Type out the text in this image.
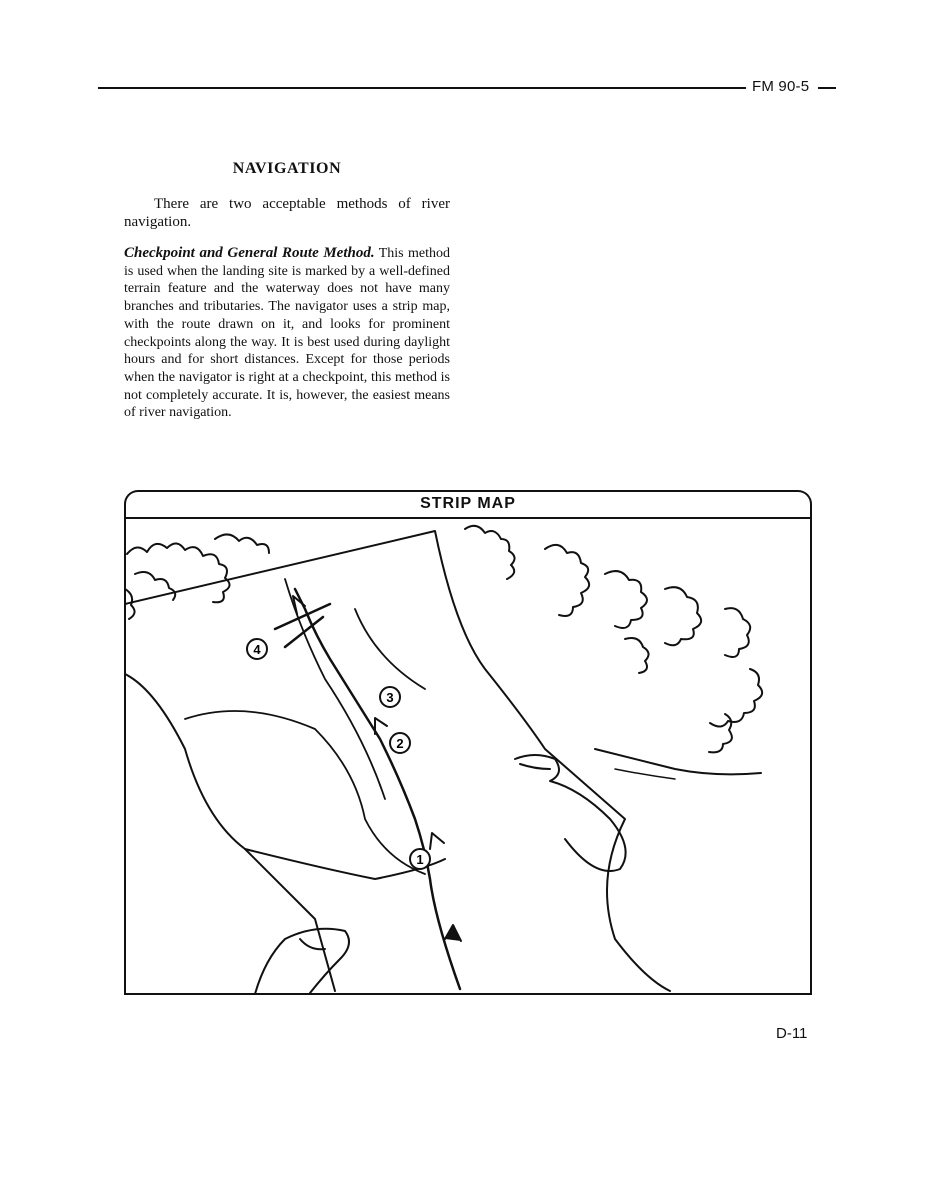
FM 90-5
NAVIGATION
There are two acceptable methods of river navigation.
Checkpoint and General Route Method. This method is used when the landing site is marked by a well-defined terrain feature and the waterway does not have many branches and tributaries. The navigator uses a strip map, with the route drawn on it, and looks for prominent checkpoints along the way. It is best used during daylight hours and for short distances. Except for those periods when the navigator is right at a checkpoint, this method is not completely accurate. It is, however, the easiest means of river navigation.
STRIP MAP
1
2
3
4
D-11
